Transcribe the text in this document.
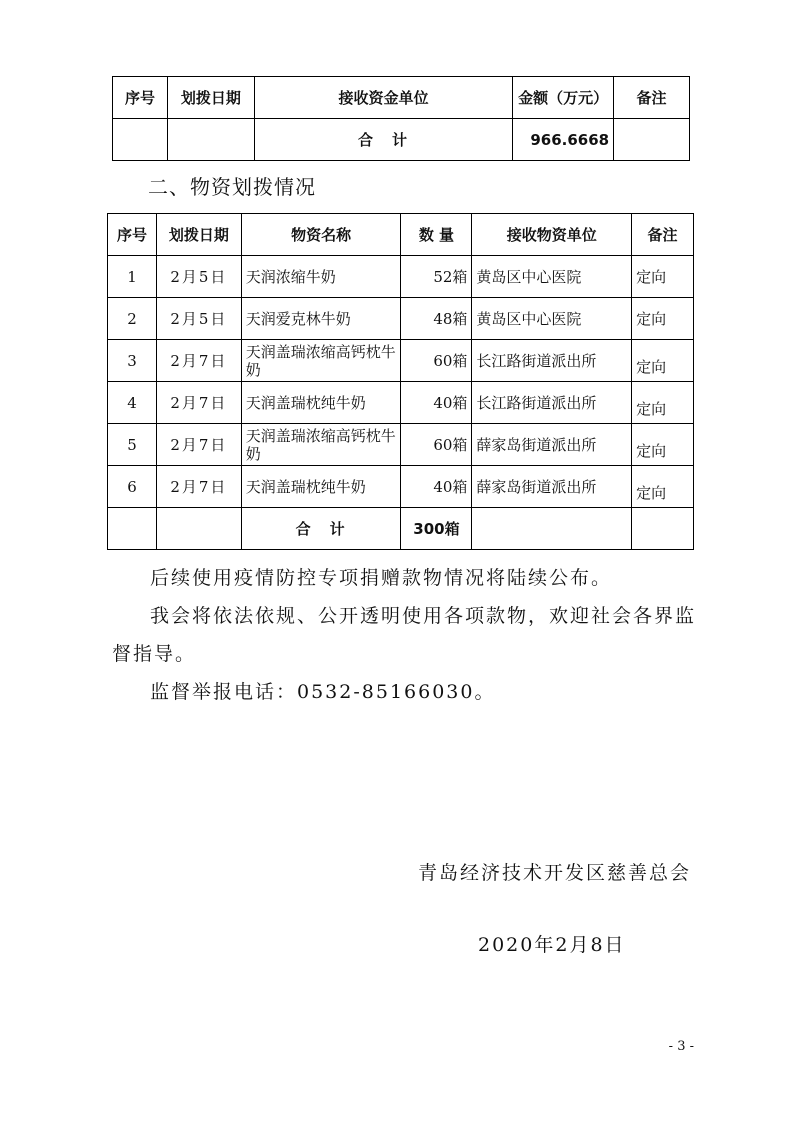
序号	划拨日期	接收资金单位	金额（万元）	备注
		合　计	966.6668	
二、物资划拨情况
序号	划拨日期	物资名称	数 量	接收物资单位	备注
1	2月5日	天润浓缩牛奶	52箱	黄岛区中心医院	定向
2	2月5日	天润爱克林牛奶	48箱	黄岛区中心医院	定向
3	2月7日	天润盖瑞浓缩高钙枕牛奶	60箱	长江路街道派出所	定向
4	2月7日	天润盖瑞枕纯牛奶	40箱	长江路街道派出所	定向
5	2月7日	天润盖瑞浓缩高钙枕牛奶	60箱	薛家岛街道派出所	定向
6	2月7日	天润盖瑞枕纯牛奶	40箱	薛家岛街道派出所	定向
		合　计	300箱		

后续使用疫情防控专项捐赠款物情况将陆续公布。

我会将依法依规、公开透明使用各项款物，欢迎社会各界监督指导。

监督举报电话：0532-85166030。

青岛经济技术开发区慈善总会
2020年2月8日
- 3 -
